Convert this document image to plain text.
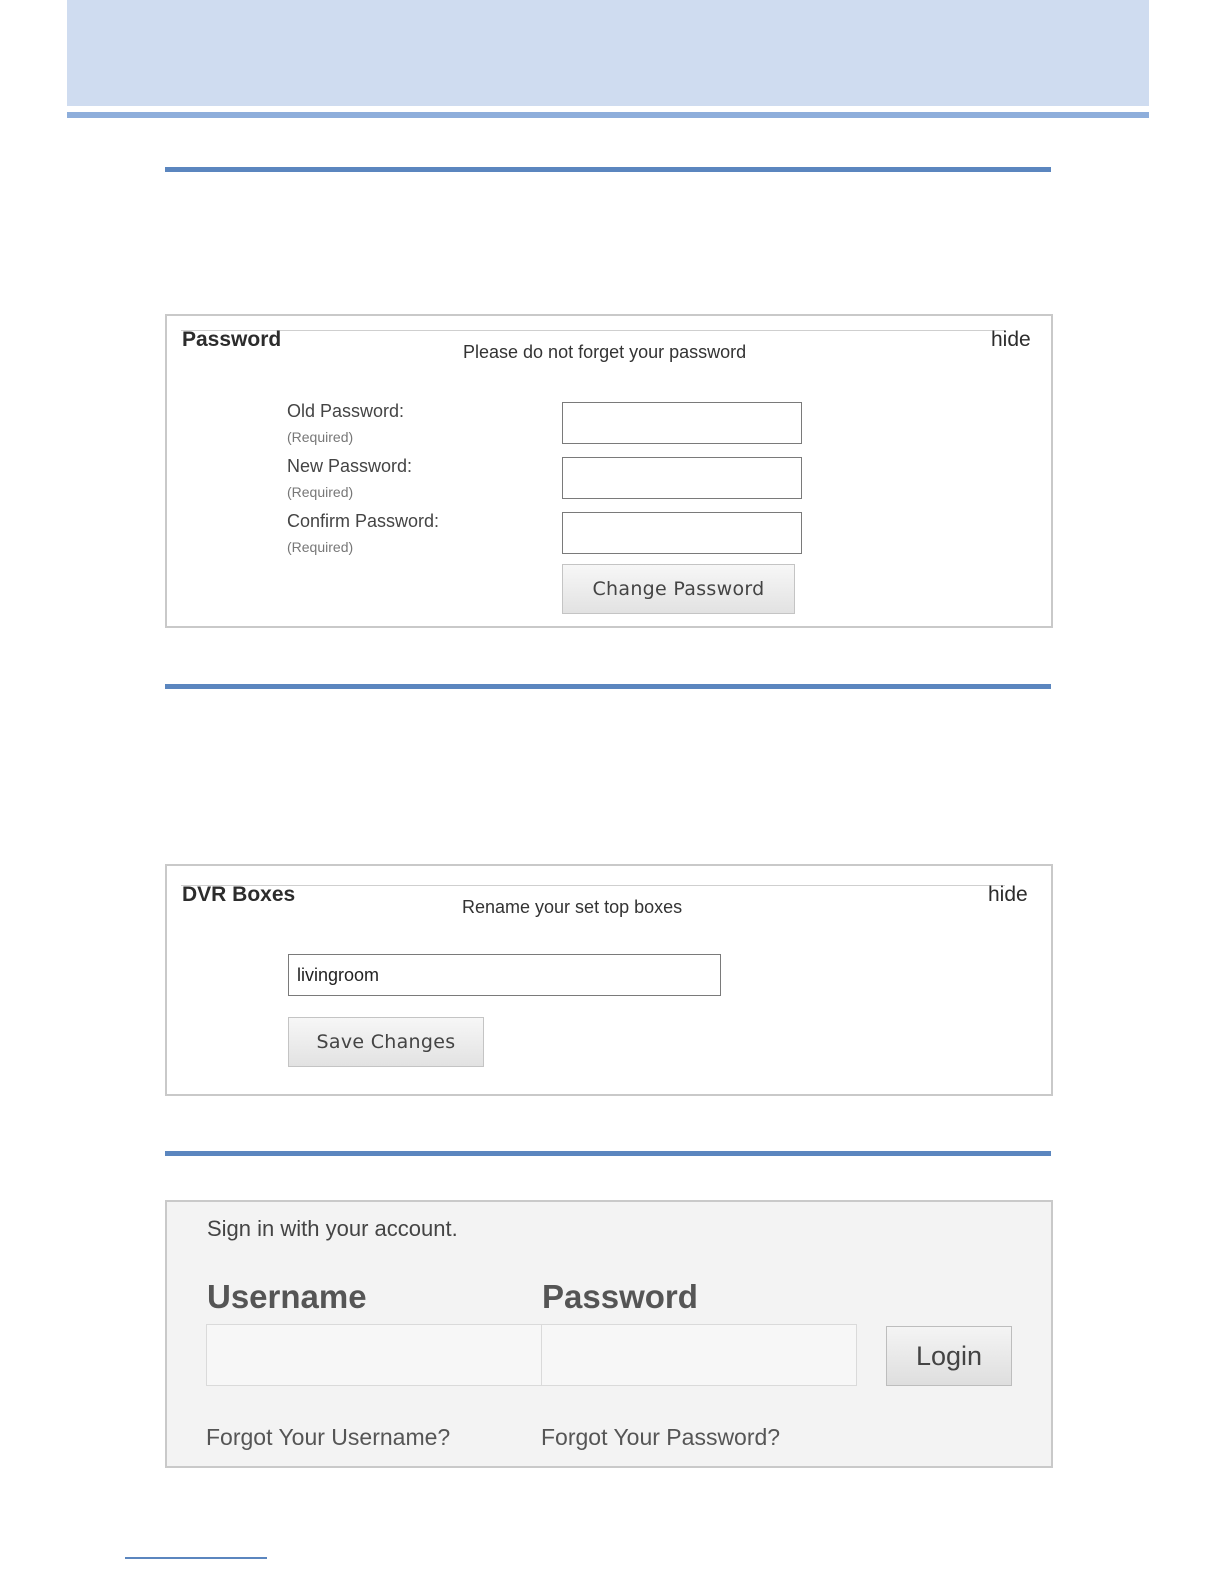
Password	hide
Please do not forget your password
Old Password:
(Required)
New Password:
(Required)
Confirm Password:
(Required)
Change Password
DVR Boxes	hide
Rename your set top boxes
livingroom
Save Changes
Sign in with your account.
Username	Password
Login
Forgot Your Username?	Forgot Your Password?
